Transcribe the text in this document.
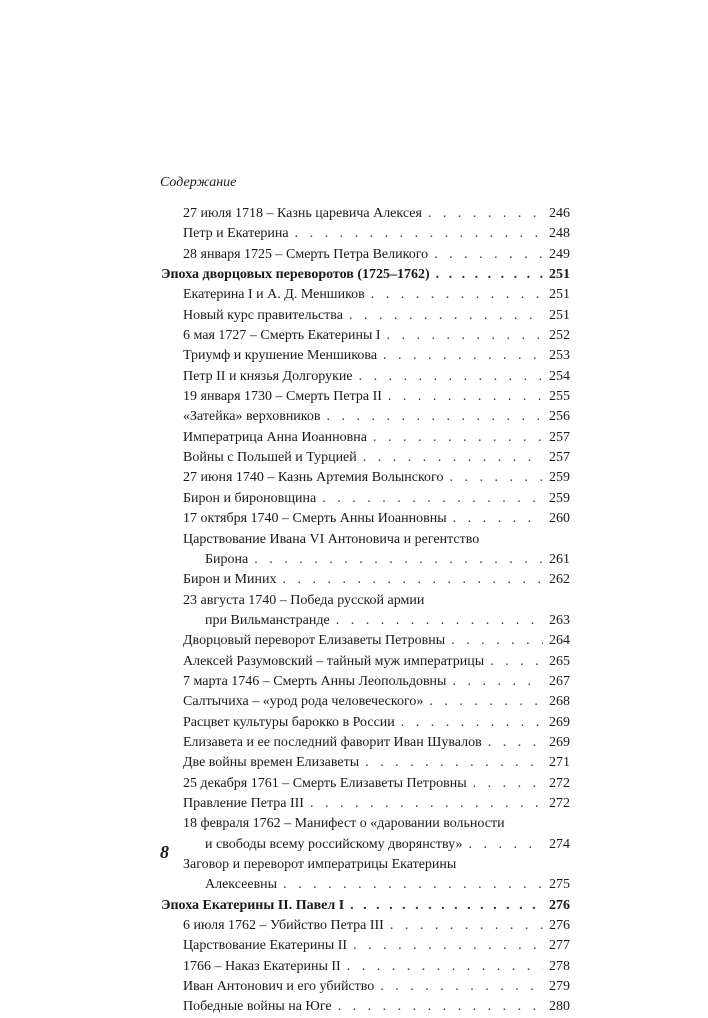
Содержание
27 июля 1718 – Казнь царевича Алексея . . .	246
Петр и Екатерина . . .	248
28 января 1725 – Смерть Петра Великого . . .	249
Эпоха дворцовых переворотов (1725–1762) . . .	251
Екатерина I и А. Д. Меншиков . . .	251
Новый курс правительства . . .	251
6 мая 1727 – Смерть Екатерины I . . .	252
Триумф и крушение Меншикова . . .	253
Петр II и князья Долгорукие . . .	254
19 января 1730 – Смерть Петра II . . .	255
«Затейка» верховников . . .	256
Императрица Анна Иоанновна . . .	257
Войны с Польшей и Турцией . . .	257
27 июня 1740 – Казнь Артемия Волынского . . .	259
Бирон и бироновщина . . .	259
17 октября 1740 – Смерть Анны Иоанновны . . .	260
Царствование Ивана VI Антоновича и регентство
Бирона . . .	261
Бирон и Миних . . .	262
23 августа 1740 – Победа русской армии
при Вильманстранде . . .	263
Дворцовый переворот Елизаветы Петровны . . .	264
Алексей Разумовский – тайный муж императрицы . . .	265
7 марта 1746 – Смерть Анны Леопольдовны . . .	267
Салтычиха – «урод рода человеческого» . . .	268
Расцвет культуры барокко в России . . .	269
Елизавета и ее последний фаворит Иван Шувалов . . .	269
Две войны времен Елизаветы . . .	271
25 декабря 1761 – Смерть Елизаветы Петровны . . .	272
Правление Петра III . . .	272
18 февраля 1762 – Манифест о «даровании вольности
и свободы всему российскому дворянству» . . .	274
Заговор и переворот императрицы Екатерины
Алексеевны . . .	275
Эпоха Екатерины II. Павел I . . .	276
6 июля 1762 – Убийство Петра III . . .	276
Царствование Екатерины II . . .	277
1766 – Наказ Екатерины II . . .	278
Иван Антонович и его убийство . . .	279
Победные войны на Юге . . .	280
8
